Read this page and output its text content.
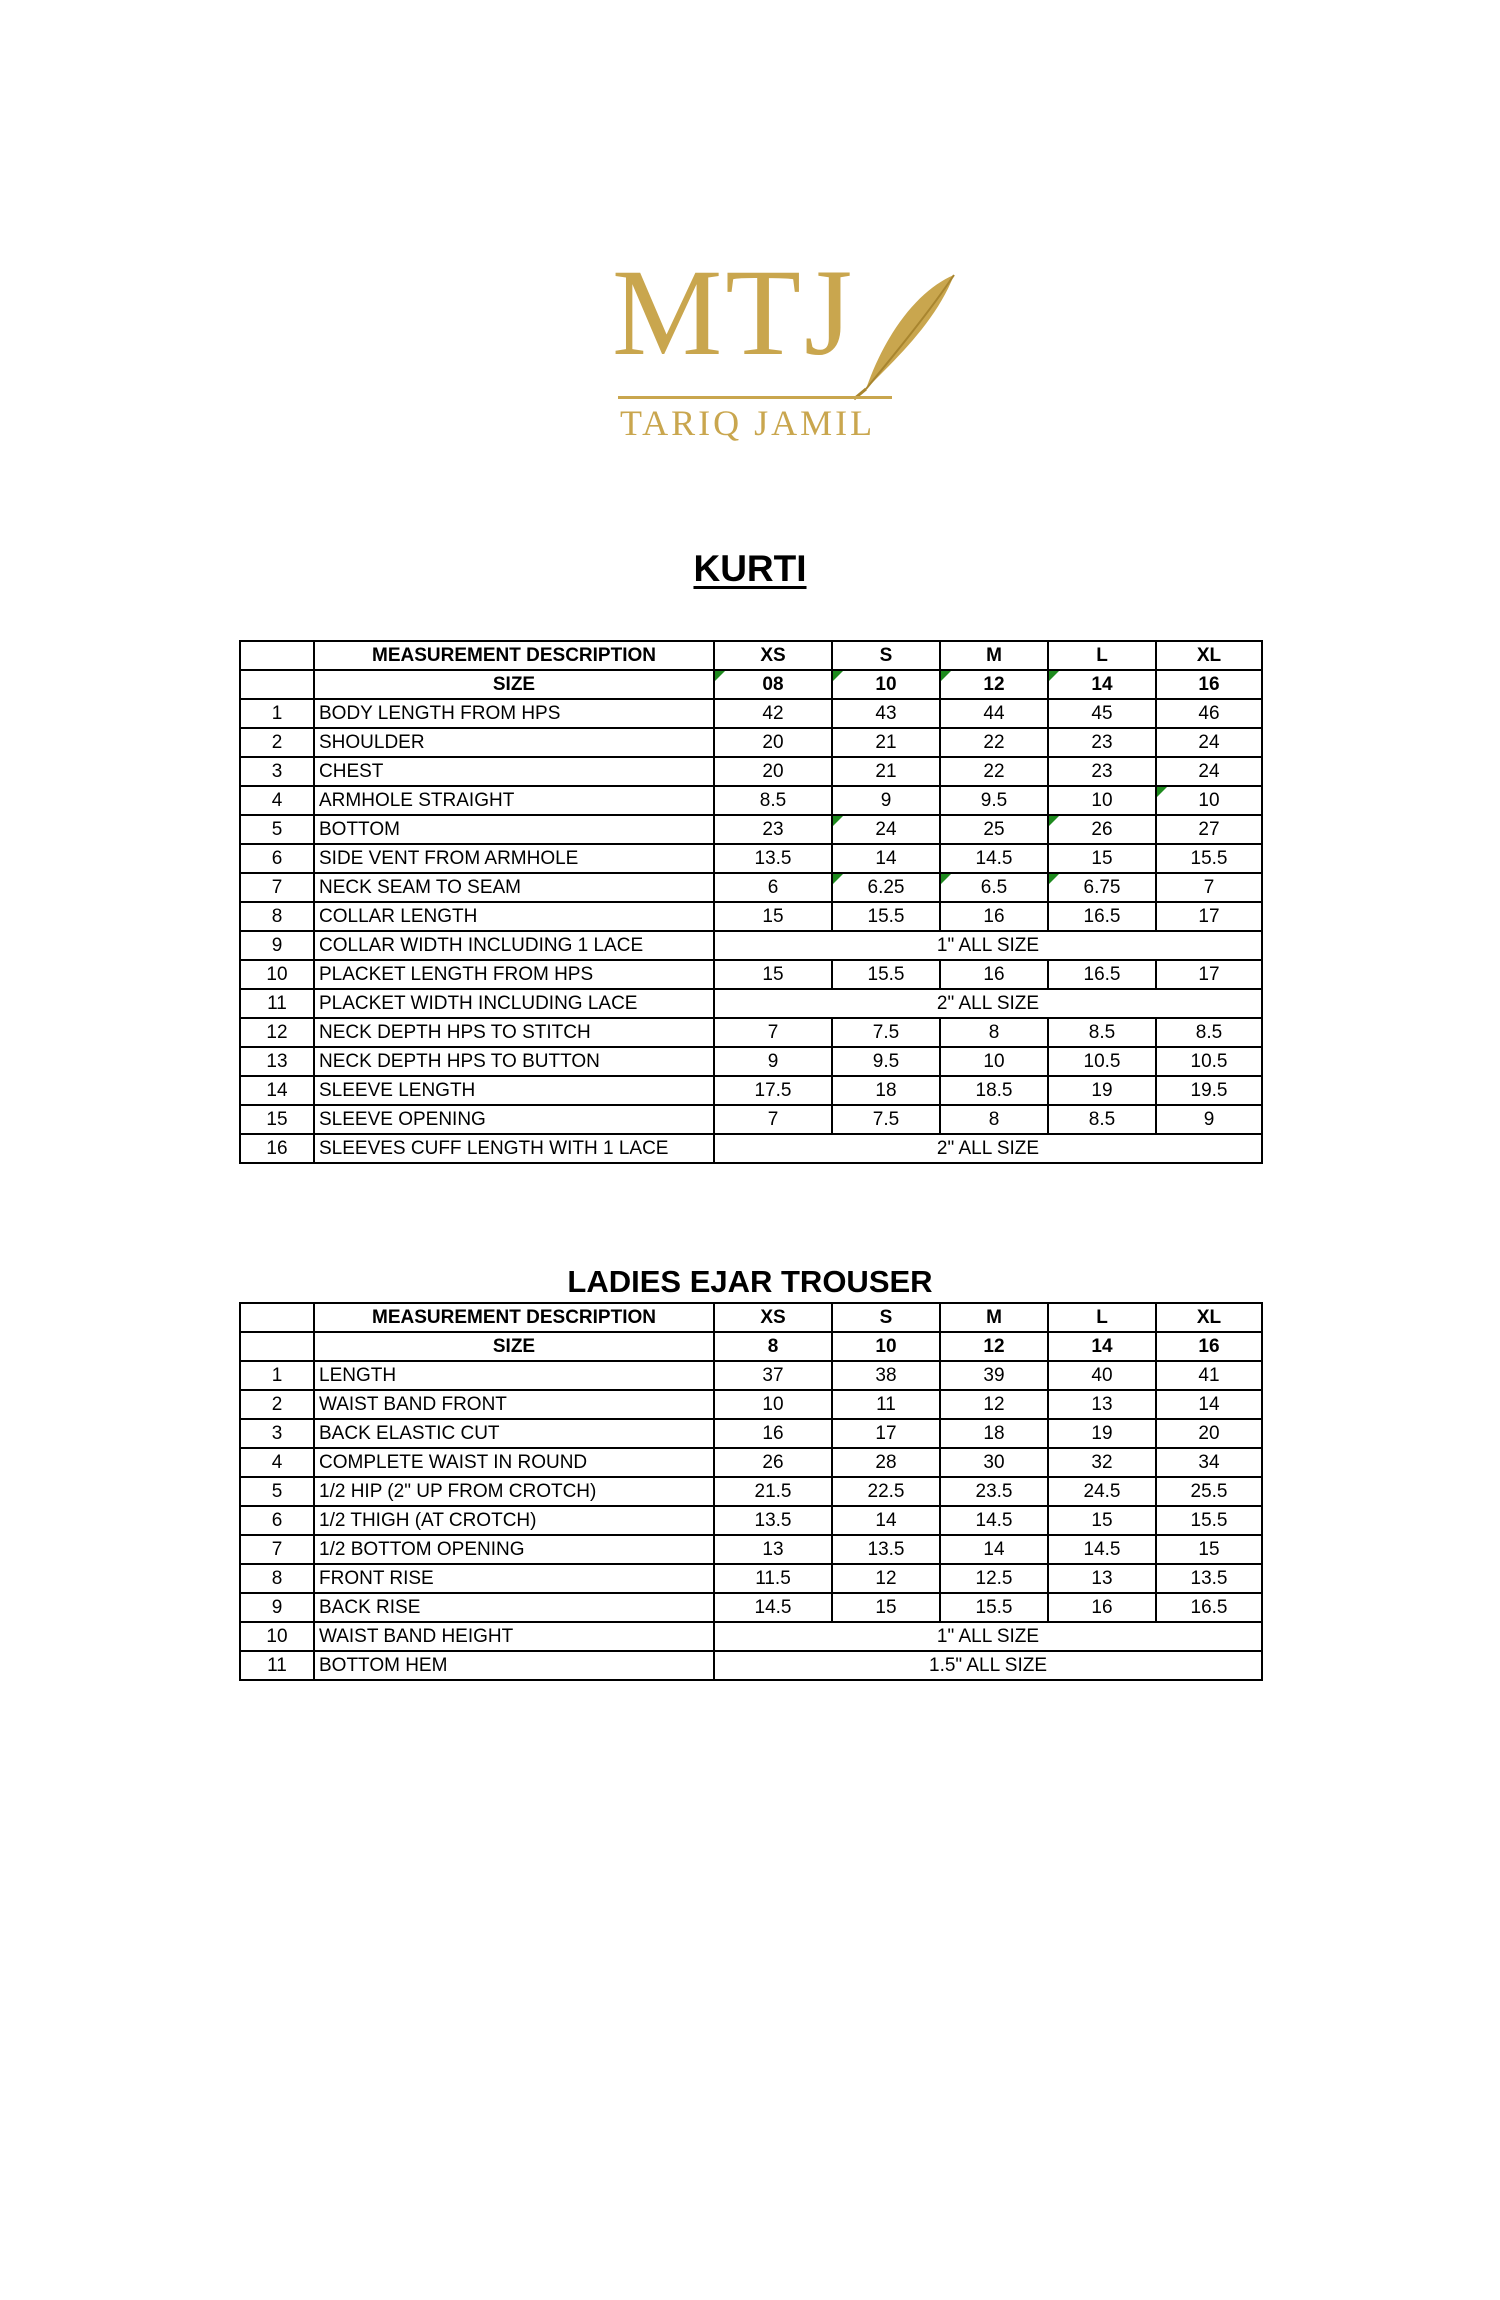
MTJ
TARIQ JAMIL
KURTI
	MEASUREMENT DESCRIPTION	XS	S	M	L	XL
	SIZE	08	10	12	14	16
1	BODY LENGTH FROM HPS	42	43	44	45	46
2	SHOULDER	20	21	22	23	24
3	CHEST	20	21	22	23	24
4	ARMHOLE STRAIGHT	8.5	9	9.5	10	10

5	BOTTOM	23	24	25	26	27
6	SIDE VENT FROM ARMHOLE	13.5	14	14.5	15	15.5
7	NECK SEAM TO SEAM	6	6.25	6.5	6.75	7
8	COLLAR LENGTH	15	15.5	16	16.5	17
9	COLLAR WIDTH INCLUDING 1 LACE	1" ALL SIZE				
10	PLACKET LENGTH FROM HPS	15	15.5	16	16.5	17
11	PLACKET WIDTH INCLUDING LACE	2" ALL SIZE				
12	NECK DEPTH HPS TO STITCH	7	7.5	8	8.5	8.5
13	NECK DEPTH HPS TO BUTTON	9	9.5	10	10.5	10.5
14	SLEEVE LENGTH	17.5	18	18.5	19	19.5
15	SLEEVE OPENING	7	7.5	8	8.5	9
16	SLEEVES CUFF LENGTH WITH 1 LACE	2" ALL SIZE				
LADIES EJAR TROUSER
	MEASUREMENT DESCRIPTION	XS	S	M	L	XL
	SIZE	8	10	12	14	16
1	LENGTH	37	38	39	40	41
2	WAIST BAND FRONT	10	11	12	13	14
3	BACK ELASTIC CUT	16	17	18	19	20
4	COMPLETE WAIST IN ROUND	26	28	30	32	34
5	1/2 HIP (2" UP FROM CROTCH)	21.5	22.5	23.5	24.5	25.5
6	1/2 THIGH (AT CROTCH)	13.5	14	14.5	15	15.5
7	1/2 BOTTOM OPENING	13	13.5	14	14.5	15
8	FRONT RISE	11.5	12	12.5	13	13.5
9	BACK RISE	14.5	15	15.5	16	16.5
10	WAIST BAND HEIGHT	1" ALL SIZE				
11	BOTTOM HEM	1.5" ALL SIZE				
